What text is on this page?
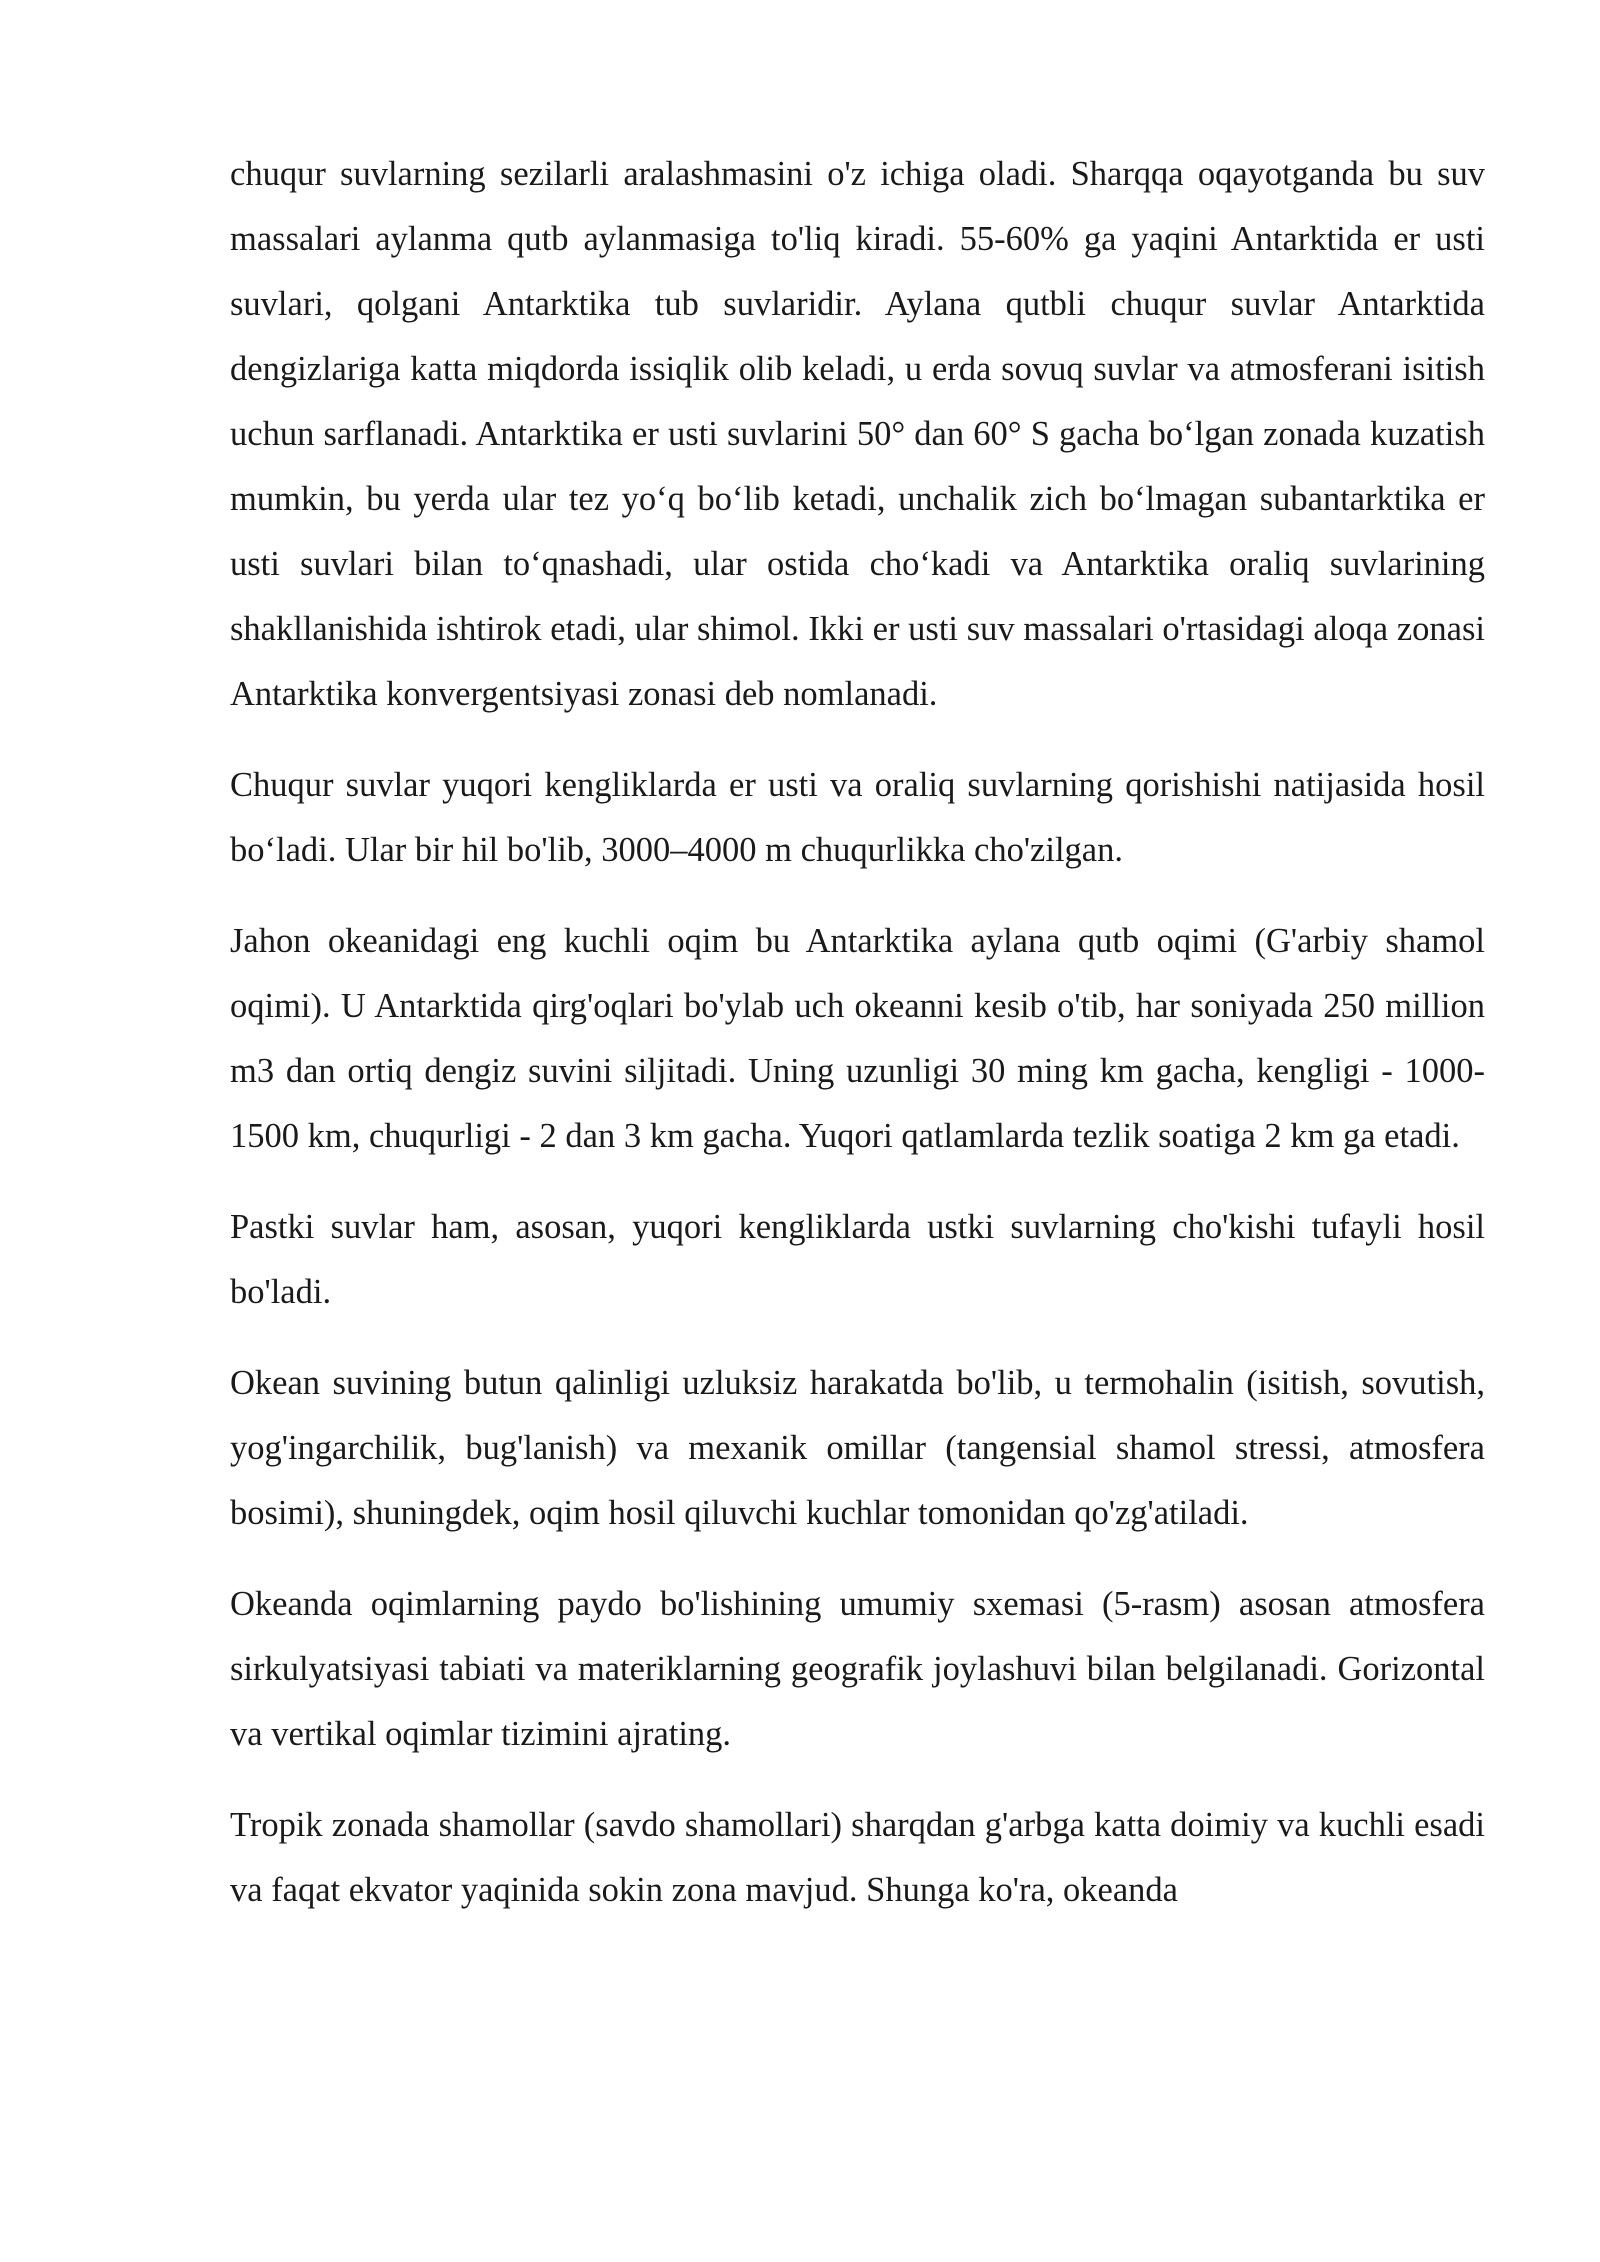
chuqur suvlarning sezilarli aralashmasini o'z ichiga oladi. Sharqqa oqayotganda bu suv massalari aylanma qutb aylanmasiga to'liq kiradi. 55-60% ga yaqini Antarktida er usti suvlari, qolgani Antarktika tub suvlaridir. Aylana qutbli chuqur suvlar Antarktida dengizlariga katta miqdorda issiqlik olib keladi, u erda sovuq suvlar va atmosferani isitish uchun sarflanadi. Antarktika er usti suvlarini 50° dan 60° S gacha boʻlgan zonada kuzatish mumkin, bu yerda ular tez yoʻq boʻlib ketadi, unchalik zich boʻlmagan subantarktika er usti suvlari bilan toʻqnashadi, ular ostida choʻkadi va Antarktika oraliq suvlarining shakllanishida ishtirok etadi, ular shimol. Ikki er usti suv massalari o'rtasidagi aloqa zonasi Antarktika konvergentsiyasi zonasi deb nomlanadi.

Chuqur suvlar yuqori kengliklarda er usti va oraliq suvlarning qorishishi natijasida hosil boʻladi. Ular bir hil bo'lib, 3000–4000 m chuqurlikka cho'zilgan.

Jahon okeanidagi eng kuchli oqim bu Antarktika aylana qutb oqimi (G'arbiy shamol oqimi). U Antarktida qirg'oqlari bo'ylab uch okeanni kesib o'tib, har soniyada 250 million m3 dan ortiq dengiz suvini siljitadi. Uning uzunligi 30 ming km gacha, kengligi - 1000-1500 km, chuqurligi - 2 dan 3 km gacha. Yuqori qatlamlarda tezlik soatiga 2 km ga etadi.

Pastki suvlar ham, asosan, yuqori kengliklarda ustki suvlarning cho'kishi tufayli hosil bo'ladi.

Okean suvining butun qalinligi uzluksiz harakatda bo'lib, u termohalin (isitish, sovutish, yog'ingarchilik, bug'lanish) va mexanik omillar (tangensial shamol stressi, atmosfera bosimi), shuningdek, oqim hosil qiluvchi kuchlar tomonidan qo'zg'atiladi.

Okeanda oqimlarning paydo bo'lishining umumiy sxemasi (5-rasm) asosan atmosfera sirkulyatsiyasi tabiati va materiklarning geografik joylashuvi bilan belgilanadi. Gorizontal va vertikal oqimlar tizimini ajrating.

Tropik zonada shamollar (savdo shamollari) sharqdan g'arbga katta doimiy va kuchli esadi va faqat ekvator yaqinida sokin zona mavjud. Shunga ko'ra, okeanda
